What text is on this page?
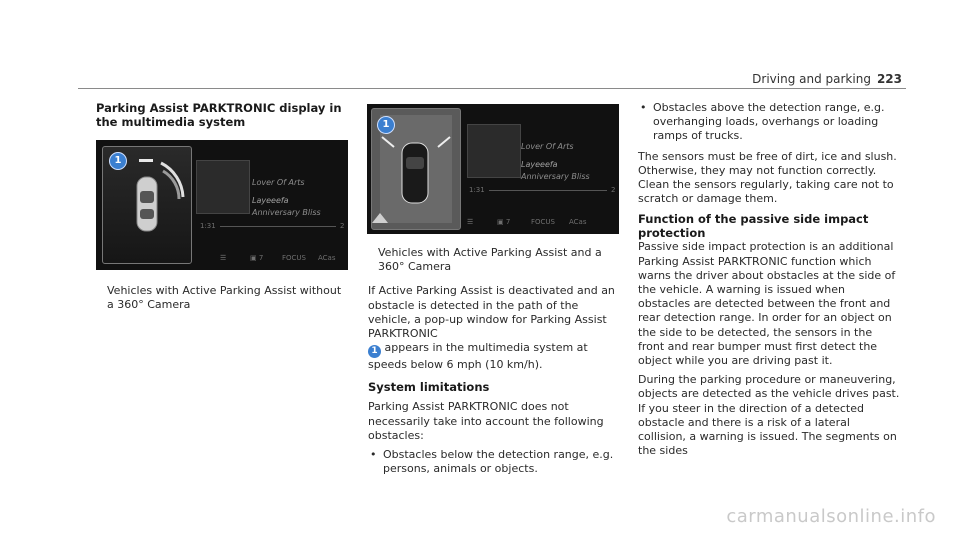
Driving and parking 223
Parking Assist PARKTRONIC display in the multimedia system
1
Lover Of Arts
Layeeefa
Anniversary Bliss
1:31	2
☰	▣ 7	FOCUS ACas
Vehicles with Active Parking Assist without a 360° Camera
1
Lover Of Arts
Layeeefa
Anniversary Bliss
1:31	2
☰	▣ 7	FOCUS ACas

Vehicles with Active Parking Assist and a 360° Camera

If Active Parking Assist is deactivated and an obstacle is detected in the path of the vehicle, a pop-up window for Parking Assist PARKTRONIC
1 appears in the multimedia system at speeds below 6 mph (10 km/h).

System limitations

Parking Assist PARKTRONIC does not necessarily take into account the following obstacles:

• Obstacles below the detection range, e.g. persons, animals or objects.
• Obstacles above the detection range, e.g. overhanging loads, overhangs or loading ramps of trucks.

The sensors must be free of dirt, ice and slush. Otherwise, they may not function correctly. Clean the sensors regularly, taking care not to scratch or damage them.

Function of the passive side impact protection

Passive side impact protection is an additional Parking Assist PARKTRONIC function which warns the driver about obstacles at the side of the vehicle. A warning is issued when obstacles are detected between the front and rear detection range. In order for an object on the side to be detected, the sensors in the front and rear bumper must first detect the object while you are driving past it.

During the parking procedure or maneuvering, objects are detected as the vehicle drives past. If you steer in the direction of a detected obstacle and there is a risk of a lateral collision, a warning is issued. The segments on the sides

carmanualsonline.info
